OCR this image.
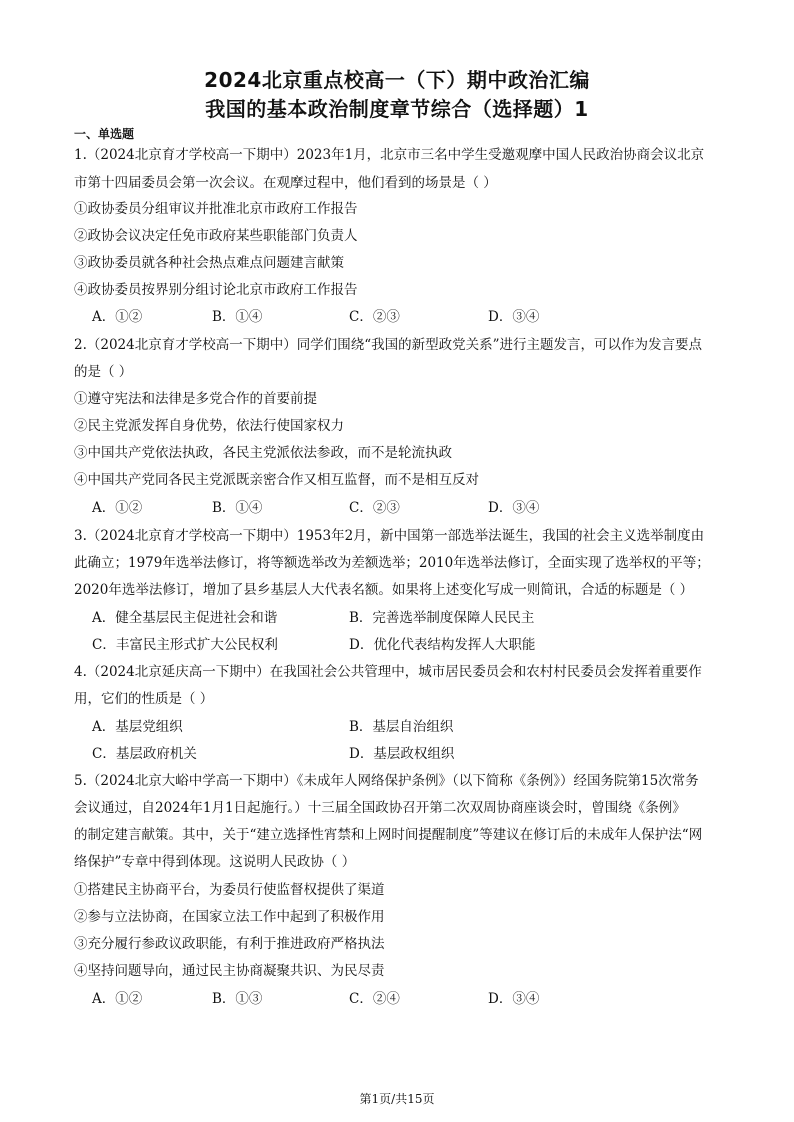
2024北京重点校高一（下）期中政治汇编
我国的基本政治制度章节综合（选择题）1
一、单选题
1.（2024北京育才学校高一下期中）2023年1月，北京市三名中学生受邀观摩中国人民政治协商会议北京
市第十四届委员会第一次会议。在观摩过程中，他们看到的场景是（ ）
①政协委员分组审议并批准北京市政府工作报告
②政协会议决定任免市政府某些职能部门负责人
③政协委员就各种社会热点难点问题建言献策
④政协委员按界别分组讨论北京市政府工作报告
A．①②	B．①④	C．②③	D．③④
2.（2024北京育才学校高一下期中）同学们围绕“我国的新型政党关系”进行主题发言，可以作为发言要点
的是（ ）
①遵守宪法和法律是多党合作的首要前提
②民主党派发挥自身优势，依法行使国家权力
③中国共产党依法执政，各民主党派依法参政，而不是轮流执政
④中国共产党同各民主党派既亲密合作又相互监督，而不是相互反对
A．①②	B．①④	C．②③	D．③④
3.（2024北京育才学校高一下期中）1953年2月，新中国第一部选举法诞生，我国的社会主义选举制度由
此确立；1979年选举法修订，将等额选举改为差额选举；2010年选举法修订，全面实现了选举权的平等；
2020年选举法修订，增加了县乡基层人大代表名额。如果将上述变化写成一则简讯，合适的标题是（ ）
A．健全基层民主促进社会和谐	B．完善选举制度保障人民民主
C．丰富民主形式扩大公民权利	D．优化代表结构发挥人大职能
4.（2024北京延庆高一下期中）在我国社会公共管理中，城市居民委员会和农村村民委员会发挥着重要作
用，它们的性质是（ ）
A．基层党组织	B．基层自治组织
C．基层政府机关	D．基层政权组织
5.（2024北京大峪中学高一下期中）《未成年人网络保护条例》（以下简称《条例》）经国务院第15次常务
会议通过，自2024年1月1日起施行。）十三届全国政协召开第二次双周协商座谈会时，曾围绕《条例》
的制定建言献策。其中，关于“建立选择性宵禁和上网时间提醒制度”等建议在修订后的未成年人保护法“网
络保护”专章中得到体现。这说明人民政协（ ）
①搭建民主协商平台，为委员行使监督权提供了渠道
②参与立法协商，在国家立法工作中起到了积极作用
③充分履行参政议政职能，有利于推进政府严格执法
④坚持问题导向，通过民主协商凝聚共识、为民尽责
A．①②	B．①③	C．②④	D．③④
第1页/共15页
